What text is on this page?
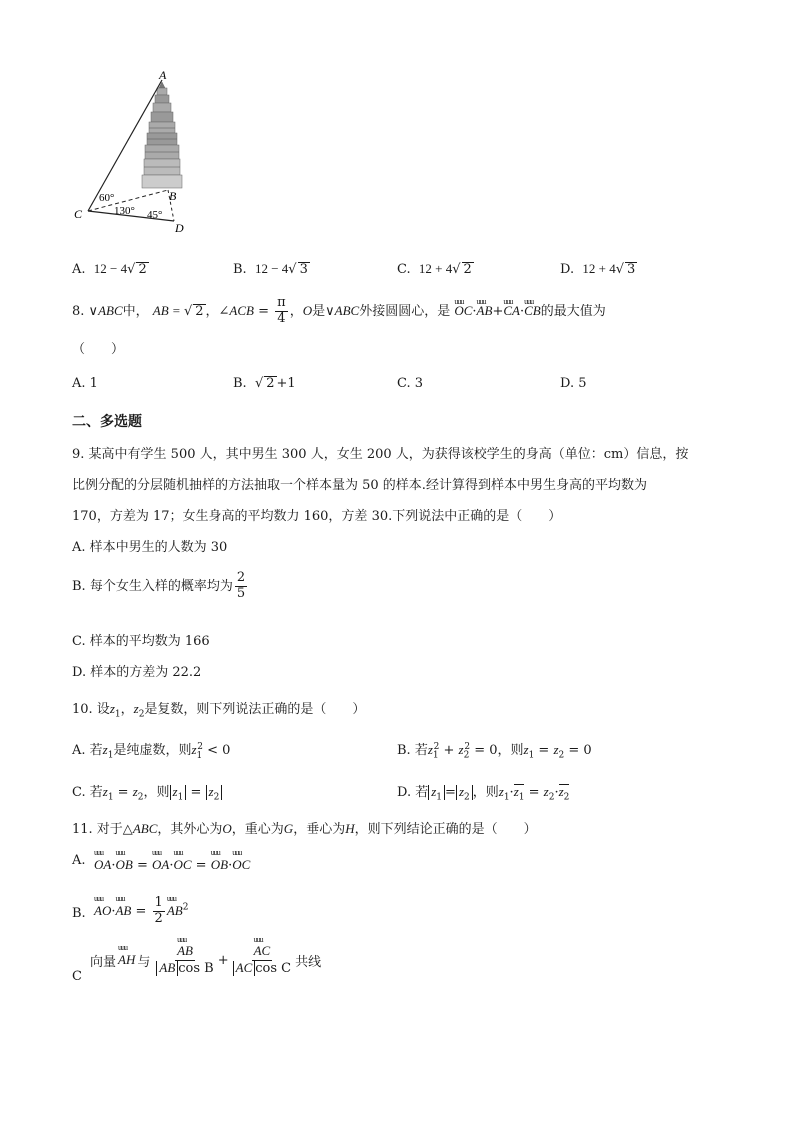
A
B
C
D
60°
130° 45°
A. 12 − 4√ 2	B. 12 − 4√ 3	C. 12 + 4√ 2	D. 12 + 4√ 3
8. ∨ABC中， AB = √ 2 ，∠ACB = $\frac{\pi}{4}$ ，O是∨ABC外接圆圆心，是 uuu OC·uuu AB+uuu CA·uuu CB的最大值为
（　　）
A. 1	B. √ 2 +1	C. 3	D. 5
二、多选题
9. 某高中有学生 500 人，其中男生 300 人，女生 200 人，为获得该校学生的身高（单位：cm）信息，按
比例分配的分层随机抽样的方法抽取一个样本量为 50 的样本.经计算得到样本中男生身高的平均数为
170，方差为 17；女生身高的平均数力 160，方差 30.下列说法中正确的是（　　）
A. 样本中男生的人数为 30
B. 每个女生入样的概率均为 $\frac{2}{5}$
C. 样本的平均数为 166
D. 样本的方差为 22.2
10. 设$z_1$，$z_2$是复数，则下列说法正确的是（　　）
A. 若$z_1$是纯虚数，则$z_1^2 < 0$	B. 若$z_1^2 + z_2^2 = 0$，则$z_1 = z_2 = 0$
C. 若$z_1 = z_2$，则 $z_1 = z_2$	D. 若 $z_1 = z_2$ ，则$z_1\cdot z_1 = z_2\cdot z_2$
11. 对于△ABC，其外心为O，重心为G，垂心为H，则下列结论正确的是（　　）
A. uuu OA·uuu OB = uuu OA·uuu OC = uuu OB·uuu OC
B. uuu AO·uuu AB = $\frac{1}{2}$ uuu $AB^2$
C
向量 uuu AH 与 uuu $\frac{AB}{\text{AB cos B}}$ + uuu $\frac{AC}{\text{AC cos C}}$ 共线
